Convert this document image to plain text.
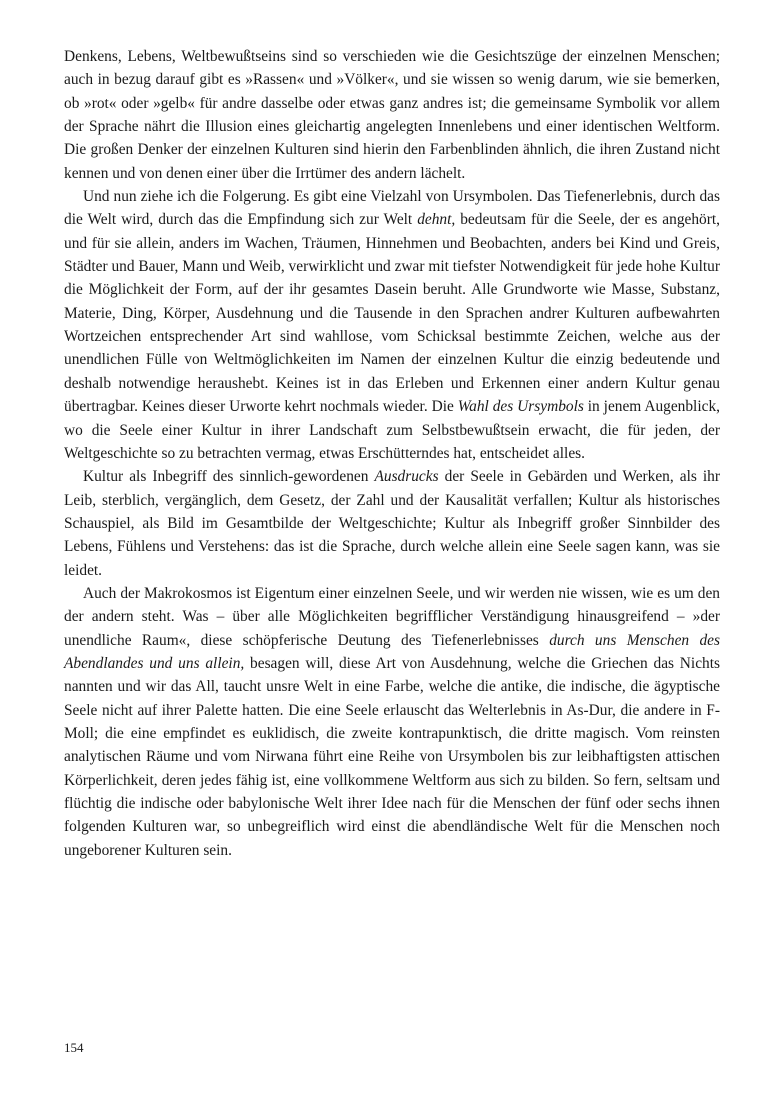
Denkens, Lebens, Weltbewußtseins sind so verschieden wie die Gesichtszüge der einzelnen Menschen; auch in bezug darauf gibt es »Rassen« und »Völker«, und sie wissen so wenig darum, wie sie bemerken, ob »rot« oder »gelb« für andre dasselbe oder etwas ganz andres ist; die gemeinsame Symbolik vor allem der Sprache nährt die Illusion eines gleichartig angelegten Innenlebens und einer identischen Weltform. Die großen Denker der einzelnen Kulturen sind hierin den Farbenblinden ähnlich, die ihren Zustand nicht kennen und von denen einer über die Irrtümer des andern lächelt.

Und nun ziehe ich die Folgerung. Es gibt eine Vielzahl von Ursymbolen. Das Tiefenerlebnis, durch das die Welt wird, durch das die Empfindung sich zur Welt dehnt, bedeutsam für die Seele, der es angehört, und für sie allein, anders im Wachen, Träumen, Hinnehmen und Beobachten, anders bei Kind und Greis, Städter und Bauer, Mann und Weib, verwirklicht und zwar mit tiefster Notwendigkeit für jede hohe Kultur die Möglichkeit der Form, auf der ihr gesamtes Dasein beruht. Alle Grundworte wie Masse, Substanz, Materie, Ding, Körper, Ausdehnung und die Tausende in den Sprachen andrer Kulturen aufbewahrten Wortzeichen entsprechender Art sind wahllose, vom Schicksal bestimmte Zeichen, welche aus der unendlichen Fülle von Weltmöglichkeiten im Namen der einzelnen Kultur die einzig bedeutende und deshalb notwendige heraushebt. Keines ist in das Erleben und Erkennen einer andern Kultur genau übertragbar. Keines dieser Urworte kehrt nochmals wieder. Die Wahl des Ursymbols in jenem Augenblick, wo die Seele einer Kultur in ihrer Landschaft zum Selbstbewußtsein erwacht, die für jeden, der Weltgeschichte so zu betrachten vermag, etwas Erschütterndes hat, entscheidet alles.

Kultur als Inbegriff des sinnlich-gewordenen Ausdrucks der Seele in Gebärden und Werken, als ihr Leib, sterblich, vergänglich, dem Gesetz, der Zahl und der Kausalität verfallen; Kultur als historisches Schauspiel, als Bild im Gesamtbilde der Weltgeschichte; Kultur als Inbegriff großer Sinnbilder des Lebens, Fühlens und Verstehens: das ist die Sprache, durch welche allein eine Seele sagen kann, was sie leidet.

Auch der Makrokosmos ist Eigentum einer einzelnen Seele, und wir werden nie wissen, wie es um den der andern steht. Was – über alle Möglichkeiten begrifflicher Verständigung hinausgreifend – »der unendliche Raum«, diese schöpferische Deutung des Tiefenerlebnisses durch uns Menschen des Abendlandes und uns allein, besagen will, diese Art von Ausdehnung, welche die Griechen das Nichts nannten und wir das All, taucht unsre Welt in eine Farbe, welche die antike, die indische, die ägyptische Seele nicht auf ihrer Palette hatten. Die eine Seele erlauscht das Welterlebnis in As-Dur, die andere in F-Moll; die eine empfindet es euklidisch, die zweite kontrapunktisch, die dritte magisch. Vom reinsten analytischen Räume und vom Nirwana führt eine Reihe von Ursymbolen bis zur leibhaftigsten attischen Körperlichkeit, deren jedes fähig ist, eine vollkommene Weltform aus sich zu bilden. So fern, seltsam und flüchtig die indische oder babylonische Welt ihrer Idee nach für die Menschen der fünf oder sechs ihnen folgenden Kulturen war, so unbegreiflich wird einst die abendländische Welt für die Menschen noch ungeborener Kulturen sein.

154
